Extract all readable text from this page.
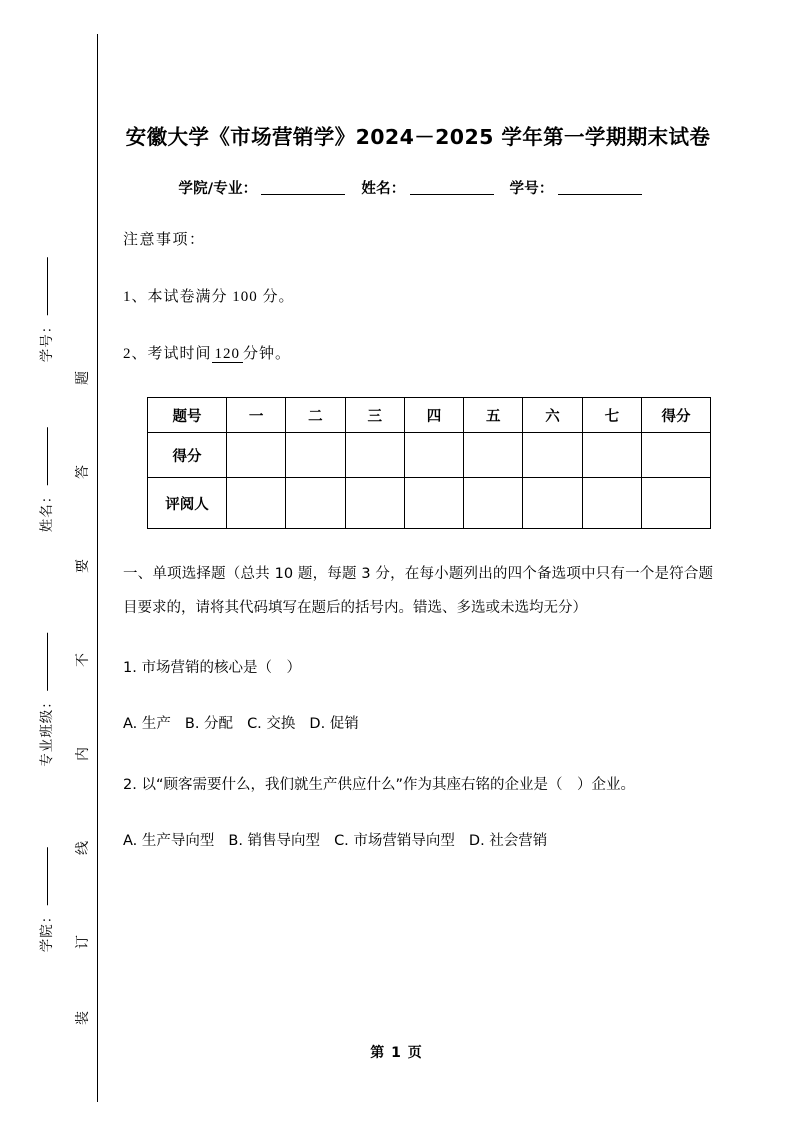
学号：
姓名：
专业班级：
学院：
题
答
要
不
内
线
订
装
安徽大学《市场营销学》2024－2025 学年第一学期期末试卷
学院/专业：	姓名：	学号：
注意事项：
1、本试卷满分 100 分。
2、考试时间 120 分钟。
题号	一	二	三	四	五	六	七	得分
得分								
评阅人								
一、单项选择题（总共 10 题，每题 3 分，在每小题列出的四个备选项中只有一个是符合题目要求的，请将其代码填写在题后的括号内。错选、多选或未选均无分）
1. 市场营销的核心是（　）
A. 生产 B. 分配 C. 交换 D. 促销
2. 以“顾客需要什么，我们就生产供应什么”作为其座右铭的企业是（　）企业。
A. 生产导向型 B. 销售导向型 C. 市场营销导向型 D. 社会营销
第 1 页
